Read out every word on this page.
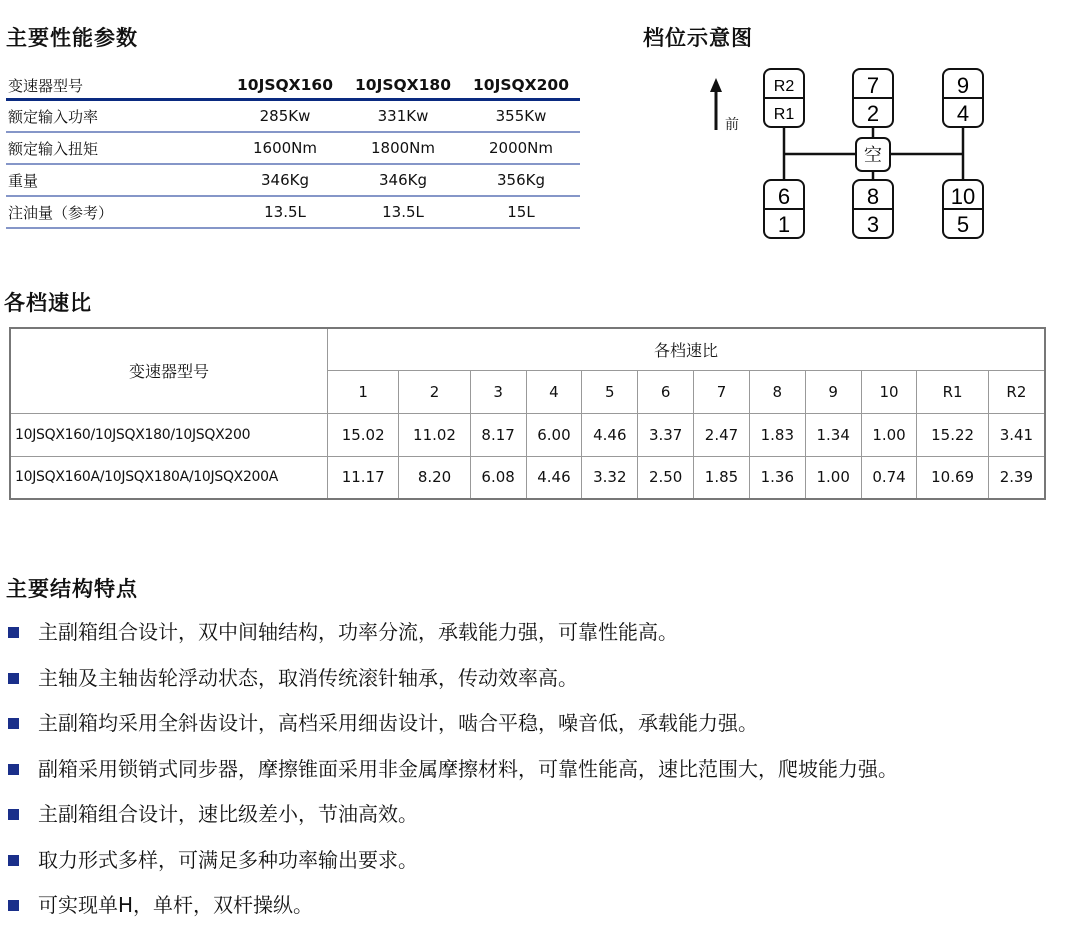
主要性能参数
变速器型号	10JSQX160	10JSQX180	10JSQX200
额定输入功率	285Kw	331Kw	355Kw
额定输入扭矩	1600Nm	1800Nm	2000Nm
重量	346Kg	346Kg	356Kg
注油量（参考）	13.5L	13.5L	15L
档位示意图
前
空
R2
R1
7
2
9
4
6
1
8
3
10
5
各档速比
变速器型号	各档速比											
	1	2	3	4	5	6	7	8	9	10	R1	R2
10JSQX160/10JSQX180/10JSQX200	15.02	11.02	8.17	6.00	4.46	3.37	2.47	1.83	1.34	1.00	15.22	3.41
10JSQX160A/10JSQX180A/10JSQX200A	11.17	8.20	6.08	4.46	3.32	2.50	1.85	1.36	1.00	0.74	10.69	2.39
主要结构特点
主副箱组合设计，双中间轴结构，功率分流，承载能力强，可靠性能高。
主轴及主轴齿轮浮动状态，取消传统滚针轴承，传动效率高。
主副箱均采用全斜齿设计，高档采用细齿设计，啮合平稳，噪音低，承载能力强。
副箱采用锁销式同步器，摩擦锥面采用非金属摩擦材料，可靠性能高，速比范围大，爬坡能力强。
主副箱组合设计，速比级差小，节油高效。
取力形式多样，可满足多种功率输出要求。
可实现单H，单杆，双杆操纵。
